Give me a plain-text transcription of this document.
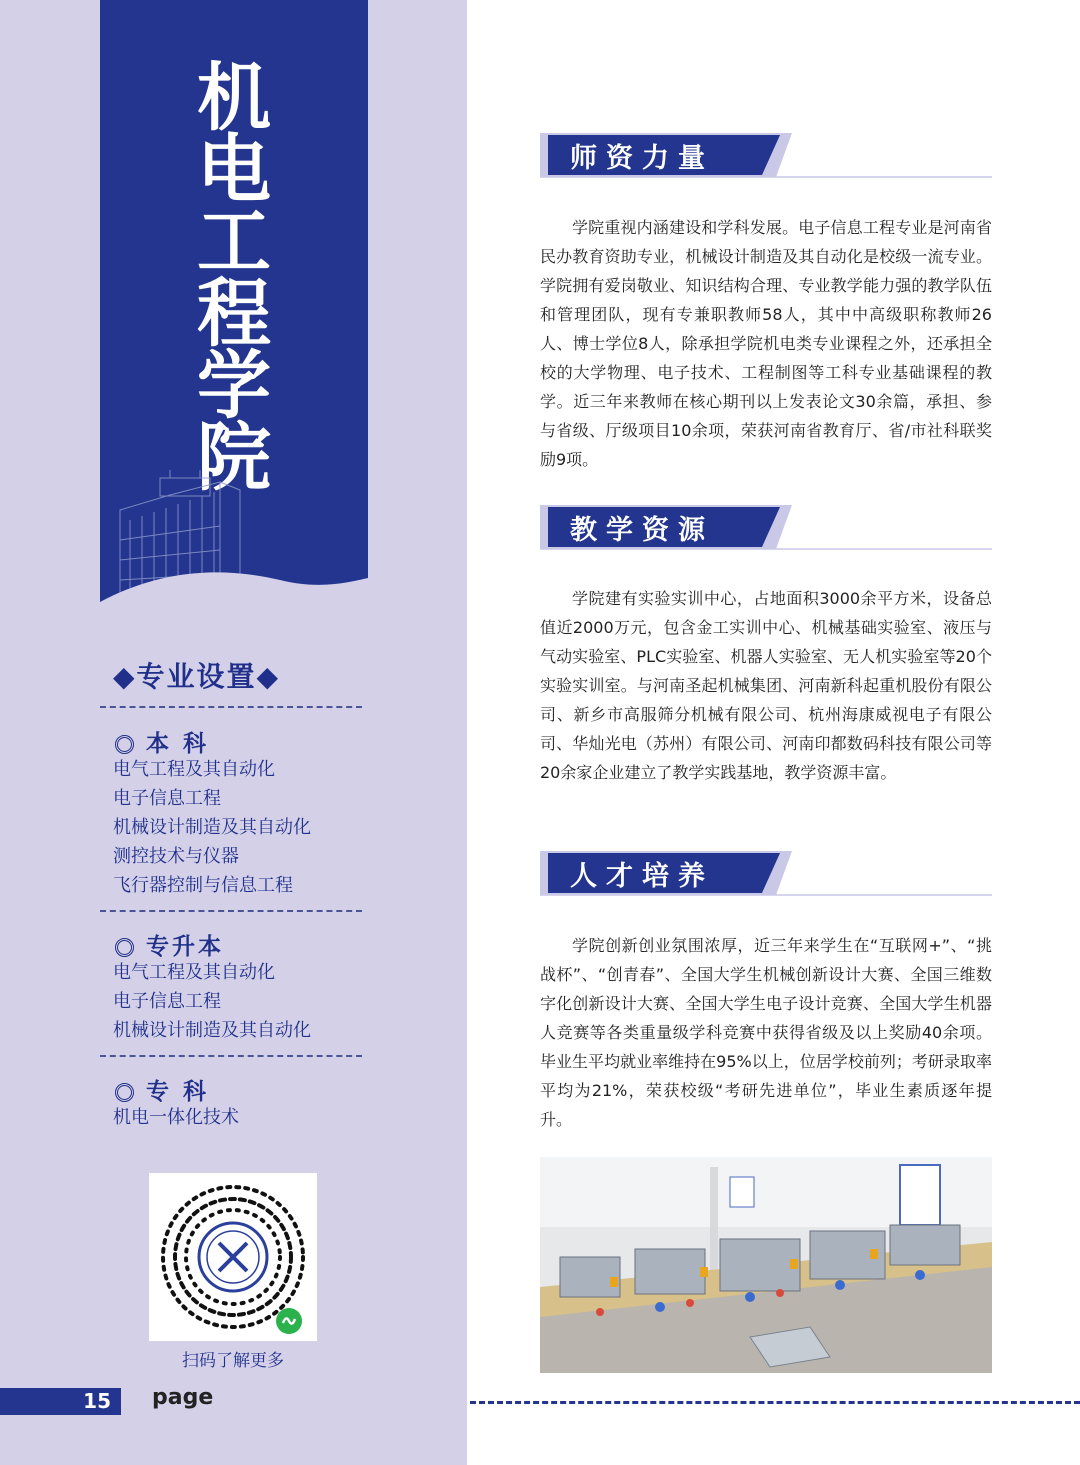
机
电
工
程
学
院
◆专业设置◆
本 科
电气工程及其自动化
电子信息工程
机械设计制造及其自动化
测控技术与仪器
飞行器控制与信息工程
专升本
电气工程及其自动化
电子信息工程
机械设计制造及其自动化
专 科
机电一体化技术
扫码了解更多
15	page
师资力量

学院重视内涵建设和学科发展。电子信息工程专业是河南省民办教育资助专业，机械设计制造及其自动化是校级一流专业。学院拥有爱岗敬业、知识结构合理、专业教学能力强的教学队伍和管理团队，现有专兼职教师58人，其中中高级职称教师26人、博士学位8人，除承担学院机电类专业课程之外，还承担全校的大学物理、电子技术、工程制图等工科专业基础课程的教学。近三年来教师在核心期刊以上发表论文30余篇，承担、参与省级、厅级项目10余项，荣获河南省教育厅、省/市社科联奖励9项。

教学资源

学院建有实验实训中心，占地面积3000余平方米，设备总值近2000万元，包含金工实训中心、机械基础实验室、液压与气动实验室、PLC实验室、机器人实验室、无人机实验室等20个实验实训室。与河南圣起机械集团、河南新科起重机股份有限公司、新乡市高服筛分机械有限公司、杭州海康威视电子有限公司、华灿光电（苏州）有限公司、河南印都数码科技有限公司等20余家企业建立了教学实践基地，教学资源丰富。

人才培养

学院创新创业氛围浓厚，近三年来学生在“互联网+”、“挑战杯”、“创青春”、全国大学生机械创新设计大赛、全国三维数字化创新设计大赛、全国大学生电子设计竞赛、全国大学生机器人竞赛等各类重量级学科竞赛中获得省级及以上奖励40余项。毕业生平均就业率维持在95%以上，位居学校前列；考研录取率平均为21%，荣获校级“考研先进单位”，毕业生素质逐年提升。
